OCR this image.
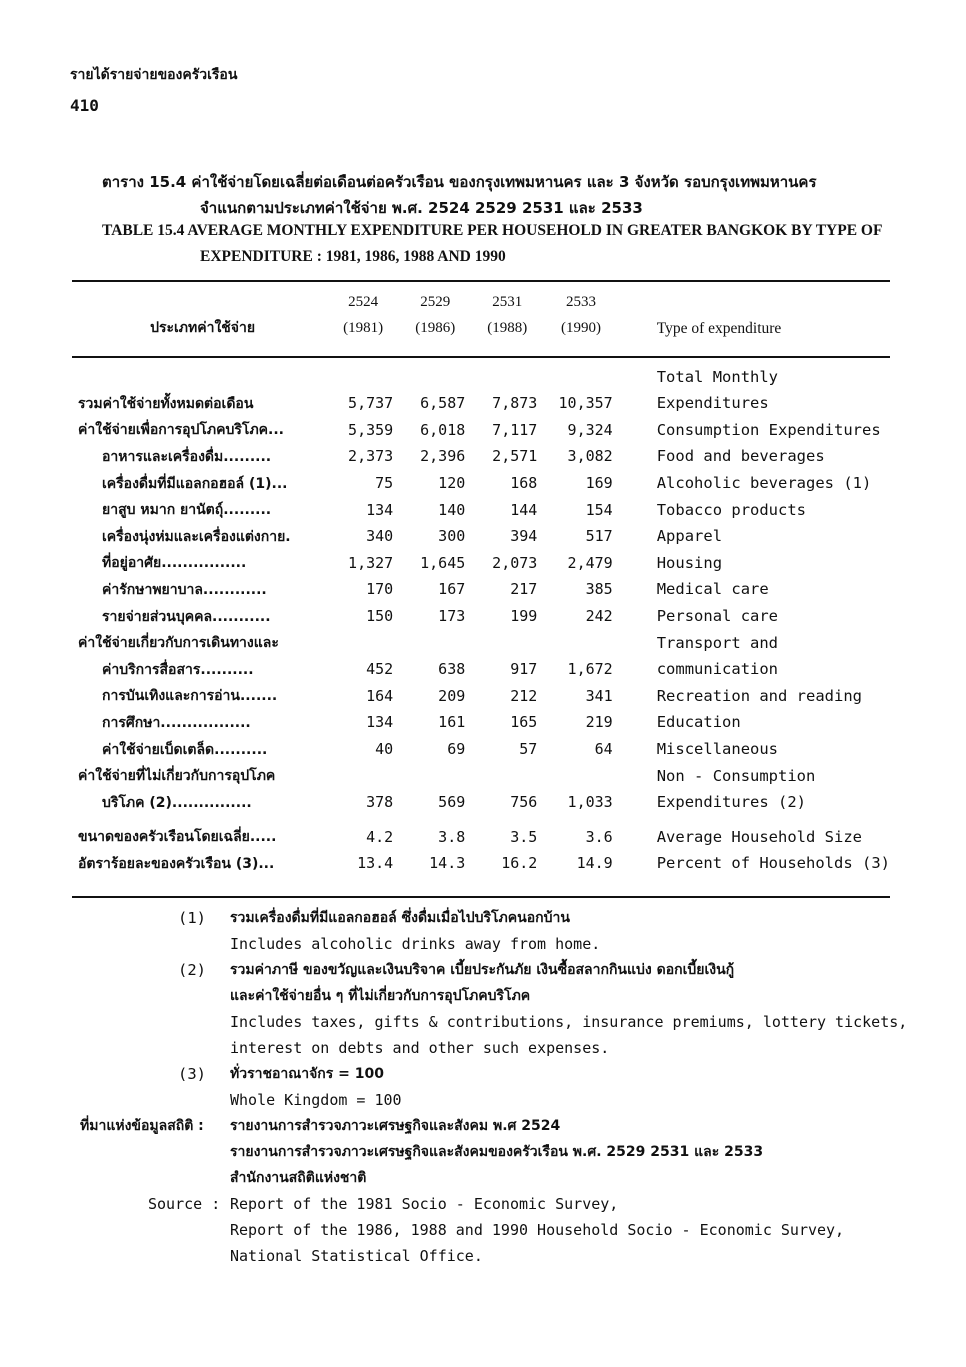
รายได้รายจ่ายของครัวเรือน
410
ตาราง 15.4 ค่าใช้จ่ายโดยเฉลี่ยต่อเดือนต่อครัวเรือน ของกรุงเทพมหานคร และ 3 จังหวัด รอบกรุงเทพมหานคร
จำแนกตามประเภทค่าใช้จ่าย พ.ศ. 2524 2529 2531 และ 2533
TABLE 15.4 AVERAGE MONTHLY EXPENDITURE PER HOUSEHOLD IN GREATER BANGKOK BY TYPE OF
EXPENDITURE : 1981, 1986, 1988 AND 1990
	2524	2529	2531	2533	
ประเภทค่าใช้จ่าย	(1981)	(1986)	(1988)	(1990)	Type of expenditure

					Total Monthly
รวมค่าใช้จ่ายทั้งหมดต่อเดือน	5,737	6,587	7,873	10,357	Expenditures
ค่าใช้จ่ายเพื่อการอุปโภคบริโภค...	5,359	6,018	7,117	9,324	Consumption Expenditures
อาหารและเครื่องดื่ม.........	2,373	2,396	2,571	3,082	Food and beverages
เครื่องดื่มที่มีแอลกอฮอล์ (1)...	75	120	168	169	Alcoholic beverages (1)
ยาสูบ หมาก ยานัตถุ์.........	134	140	144	154	Tobacco products
เครื่องนุ่งห่มและเครื่องแต่งกาย.	340	300	394	517	Apparel
ที่อยู่อาศัย................	1,327	1,645	2,073	2,479	Housing
ค่ารักษาพยาบาล............	170	167	217	385	Medical care
รายจ่ายส่วนบุคคล...........	150	173	199	242	Personal care
ค่าใช้จ่ายเกี่ยวกับการเดินทางและ					Transport and
ค่าบริการสื่อสาร..........	452	638	917	1,672	communication
การบันเทิงและการอ่าน.......	164	209	212	341	Recreation and reading
การศึกษา.................	134	161	165	219	Education
ค่าใช้จ่ายเบ็ดเตล็ด..........	40	69	57	64	Miscellaneous
ค่าใช้จ่ายที่ไม่เกี่ยวกับการอุปโภค					Non - Consumption
บริโภค (2)...............	378	569	756	1,033	Expenditures (2)

ขนาดของครัวเรือนโดยเฉลี่ย.....	4.2	3.8	3.5	3.6	Average Household Size
อัตราร้อยละของครัวเรือน (3)...	13.4	14.3	16.2	14.9	Percent of Households (3)
(1) รวมเครื่องดื่มที่มีแอลกอฮอล์ ซึ่งดื่มเมื่อไปบริโภคนอกบ้าน
Includes alcoholic drinks away from home.
(2) รวมค่าภาษี ของขวัญและเงินบริจาค เบี้ยประกันภัย เงินซื้อสลากกินแบ่ง ดอกเบี้ยเงินกู้
และค่าใช้จ่ายอื่น ๆ ที่ไม่เกี่ยวกับการอุปโภคบริโภค
Includes taxes, gifts & contributions, insurance premiums, lottery tickets,
interest on debts and other such expenses.
(3) ทั่วราชอาณาจักร = 100
Whole Kingdom = 100
ที่มาแห่งข้อมูลสถิติ : รายงานการสำรวจภาวะเศรษฐกิจและสังคม พ.ศ 2524
รายงานการสำรวจภาวะเศรษฐกิจและสังคมของครัวเรือน พ.ศ. 2529 2531 และ 2533
สำนักงานสถิติแห่งชาติ
Source : Report of the 1981 Socio - Economic Survey,
Report of the 1986, 1988 and 1990 Household Socio - Economic Survey,
National Statistical Office.
